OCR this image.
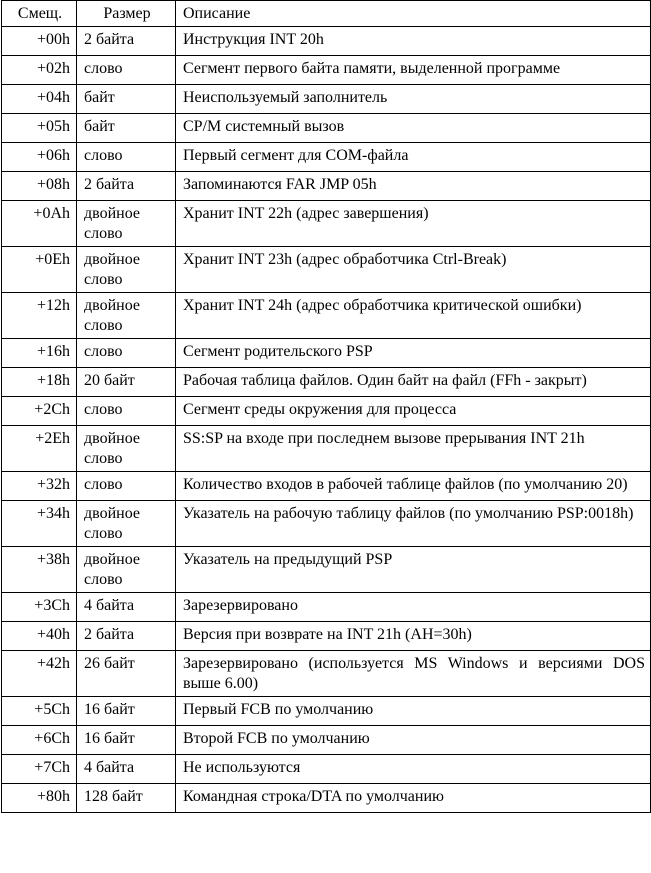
Смещ.	Размер	Описание
+00h	2 байта	Инструкция INT 20h
+02h	слово	Сегмент первого байта памяти, выделенной программе
+04h	байт	Неиспользуемый заполнитель
+05h	байт	CP/M системный вызов
+06h	слово	Первый сегмент для COM-файла
+08h	2 байта	Запоминаются FAR JMP 05h
+0Ah	двойное слово	Хранит INT 22h (адрес завершения)
+0Eh	двойное слово	Хранит INT 23h (адрес обработчика Ctrl-Break)
+12h	двойное слово	Хранит INT 24h (адрес обработчика критической ошибки)
+16h	слово	Сегмент родительского PSP
+18h	20 байт	Рабочая таблица файлов. Один байт на файл (FFh - закрыт)
+2Ch	слово	Сегмент среды окружения для процесса
+2Eh	двойное слово	SS:SP на входе при последнем вызове прерывания INT 21h
+32h	слово	Количество входов в рабочей таблице файлов (по умолчанию 20)
+34h	двойное слово	Указатель на рабочую таблицу файлов (по умолчанию PSP:0018h)
+38h	двойное слово	Указатель на предыдущий PSP
+3Ch	4 байта	Зарезервировано
+40h	2 байта	Версия при возврате на INT 21h (AH=30h)
+42h	26 байт	Зарезервировано (используется MS Windows и версиями DOS выше 6.00)
+5Ch	16 байт	Первый FCB по умолчанию
+6Ch	16 байт	Второй FCB по умолчанию
+7Ch	4 байта	Не используются
+80h	128 байт	Командная строка/DTA по умолчанию
